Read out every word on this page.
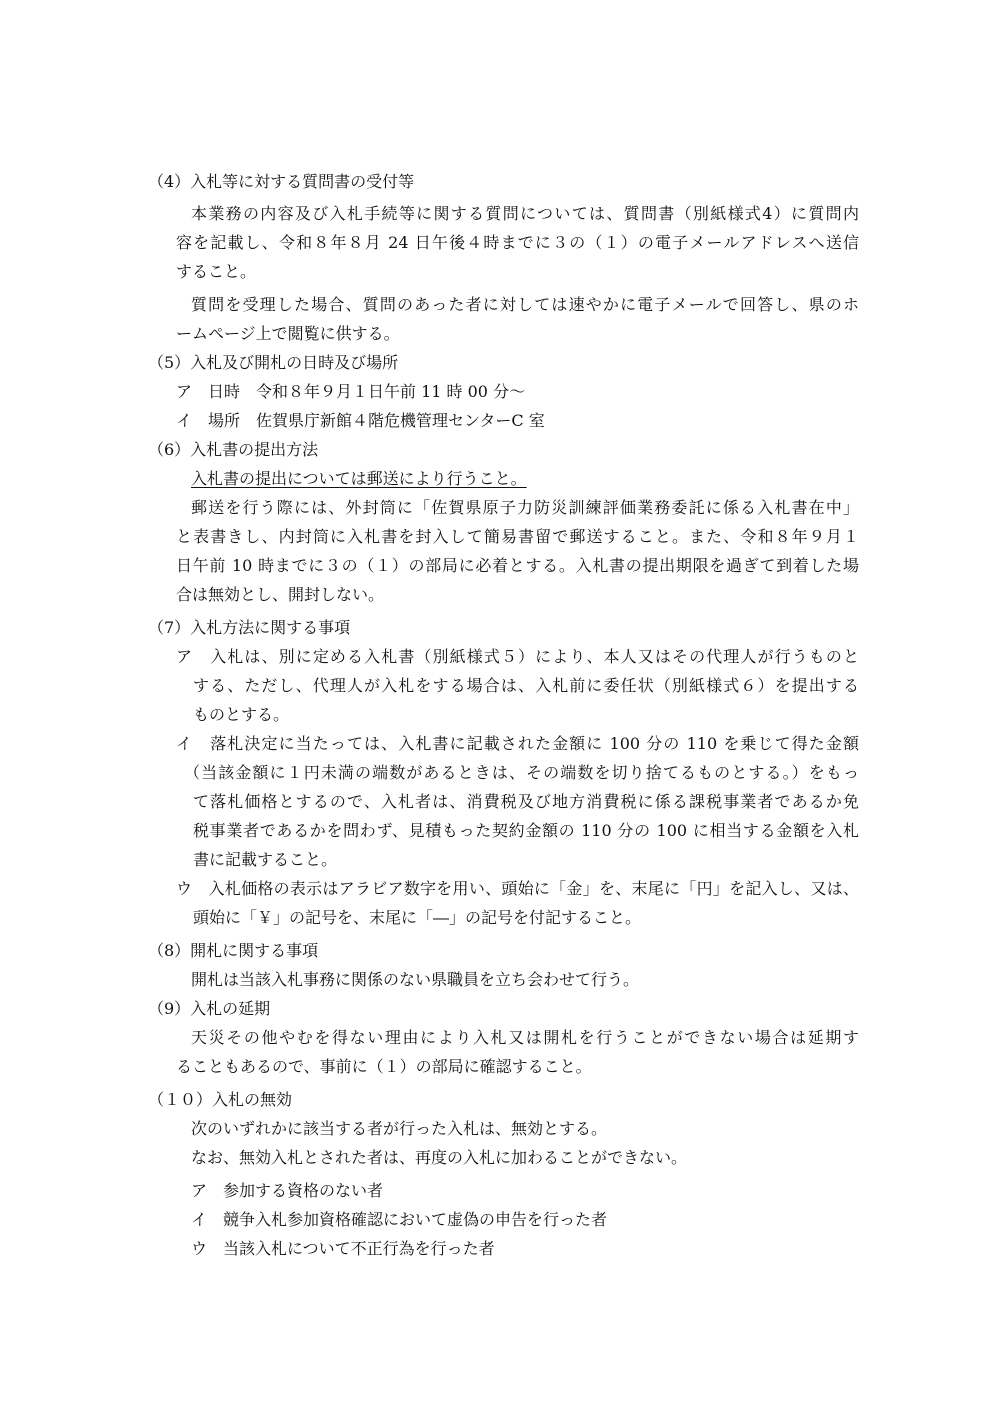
（4）入札等に対する質問書の受付等

本業務の内容及び入札手続等に関する質問については、質問書（別紙様式4）に質問内

容を記載し、令和８年８月 24 日午後４時までに３の（１）の電子メールアドレスへ送信

すること。

質問を受理した場合、質問のあった者に対しては速やかに電子メールで回答し、県のホ

ームページ上で閲覧に供する。

（5）入札及び開札の日時及び場所

ア　日時　令和８年９月１日午前 11 時 00 分～

イ　場所　佐賀県庁新館４階危機管理センターC 室

（6）入札書の提出方法

入札書の提出については郵送により行うこと。

郵送を行う際には、外封筒に「佐賀県原子力防災訓練評価業務委託に係る入札書在中」

と表書きし、内封筒に入札書を封入して簡易書留で郵送すること。また、令和８年９月１

日午前 10 時までに３の（１）の部局に必着とする。入札書の提出期限を過ぎて到着した場

合は無効とし、開封しない。

（7）入札方法に関する事項

ア　入札は、別に定める入札書（別紙様式５）により、本人又はその代理人が行うものと

する、ただし、代理人が入札をする場合は、入札前に委任状（別紙様式６）を提出する

ものとする。

イ　落札決定に当たっては、入札書に記載された金額に 100 分の 110 を乗じて得た金額

（当該金額に１円未満の端数があるときは、その端数を切り捨てるものとする。）をもっ

て落札価格とするので、入札者は、消費税及び地方消費税に係る課税事業者であるか免

税事業者であるかを問わず、見積もった契約金額の 110 分の 100 に相当する金額を入札

書に記載すること。

ウ　入札価格の表示はアラビア数字を用い、頭始に「金」を、末尾に「円」を記入し、又は、

頭始に「￥」の記号を、末尾に「―」の記号を付記すること。

（8）開札に関する事項

開札は当該入札事務に関係のない県職員を立ち会わせて行う。

（9）入札の延期

天災その他やむを得ない理由により入札又は開札を行うことができない場合は延期す

ることもあるので、事前に（１）の部局に確認すること。

（１０）入札の無効

次のいずれかに該当する者が行った入札は、無効とする。

なお、無効入札とされた者は、再度の入札に加わることができない。

ア　参加する資格のない者

イ　競争入札参加資格確認において虚偽の申告を行った者

ウ　当該入札について不正行為を行った者
